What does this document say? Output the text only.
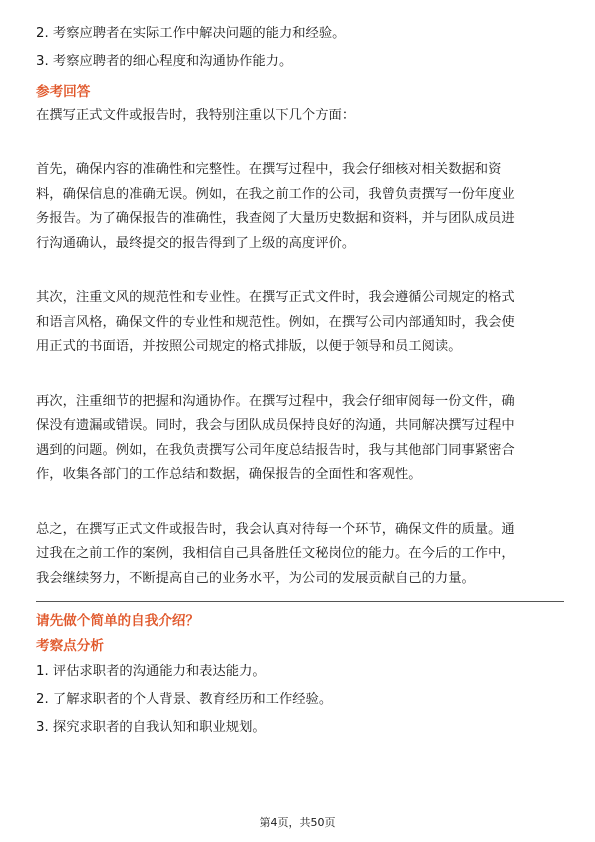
2. 考察应聘者在实际工作中解决问题的能力和经验。
3. 考察应聘者的细心程度和沟通协作能力。
参考回答
在撰写正式文件或报告时，我特别注重以下几个方面：
首先，确保内容的准确性和完整性。在撰写过程中，我会仔细核对相关数据和资
料，确保信息的准确无误。例如，在我之前工作的公司，我曾负责撰写一份年度业
务报告。为了确保报告的准确性，我查阅了大量历史数据和资料，并与团队成员进
行沟通确认，最终提交的报告得到了上级的高度评价。
其次，注重文风的规范性和专业性。在撰写正式文件时，我会遵循公司规定的格式
和语言风格，确保文件的专业性和规范性。例如，在撰写公司内部通知时，我会使
用正式的书面语，并按照公司规定的格式排版，以便于领导和员工阅读。
再次，注重细节的把握和沟通协作。在撰写过程中，我会仔细审阅每一份文件，确
保没有遗漏或错误。同时，我会与团队成员保持良好的沟通，共同解决撰写过程中
遇到的问题。例如，在我负责撰写公司年度总结报告时，我与其他部门同事紧密合
作，收集各部门的工作总结和数据，确保报告的全面性和客观性。
总之，在撰写正式文件或报告时，我会认真对待每一个环节，确保文件的质量。通
过我在之前工作的案例，我相信自己具备胜任文秘岗位的能力。在今后的工作中，
我会继续努力，不断提高自己的业务水平，为公司的发展贡献自己的力量。
请先做个简单的自我介绍？
考察点分析
1. 评估求职者的沟通能力和表达能力。
2. 了解求职者的个人背景、教育经历和工作经验。
3. 探究求职者的自我认知和职业规划。
第4页，共50页
